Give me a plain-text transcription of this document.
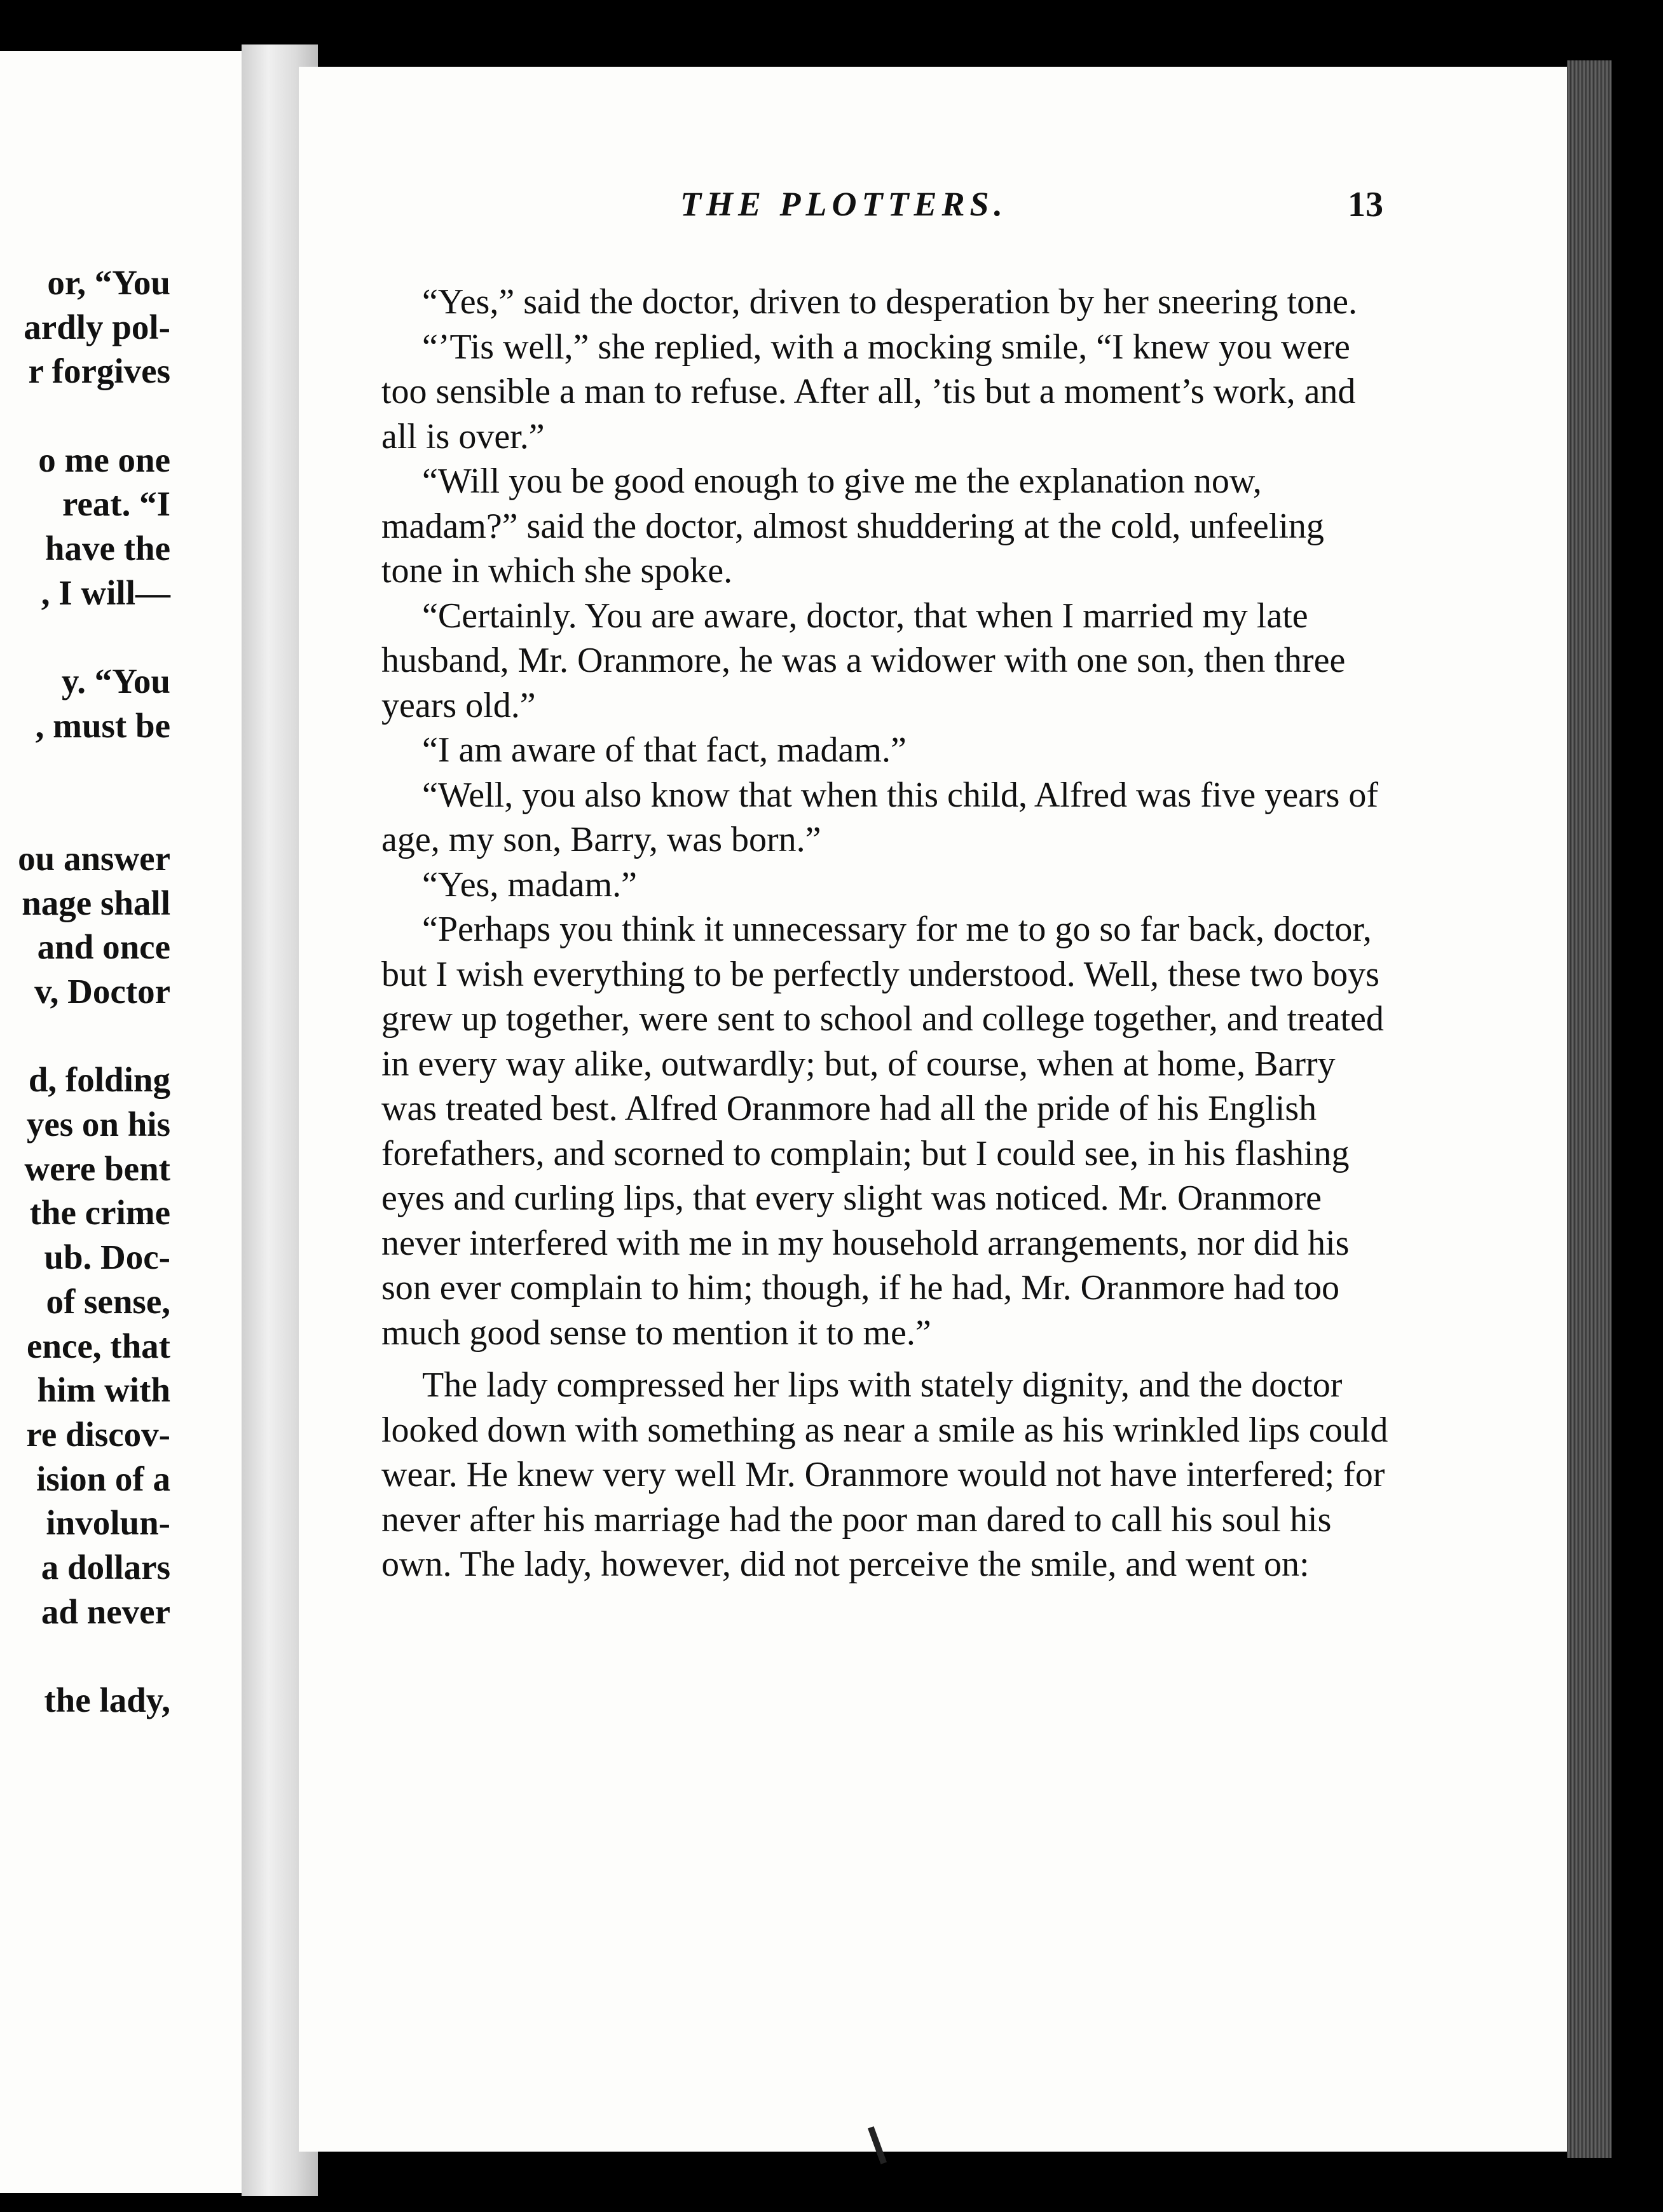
or, “You
ardly pol-
r forgives
o me one
reat. “I
have the
, I will—
y. “You
, must be
ou answer
nage shall
and once
v, Doctor
d, folding
yes on his
were bent
the crime
ub. Doc-
of sense,
ence, that
him with
re discov-
ision of a
involun-
a dollars
ad never
the lady,
THE PLOTTERS.	13

“Yes,” said the doctor, driven to desperation by her sneering tone.

“’Tis well,” she replied, with a mocking smile, “I knew you were too sensible a man to refuse. After all, ’tis but a moment’s work, and all is over.”

“Will you be good enough to give me the explanation now, madam?” said the doctor, almost shuddering at the cold, unfeeling tone in which she spoke.

“Certainly. You are aware, doctor, that when I married my late husband, Mr. Oranmore, he was a widower with one son, then three years old.”

“I am aware of that fact, madam.”

“Well, you also know that when this child, Alfred was five years of age, my son, Barry, was born.”

“Yes, madam.”

“Perhaps you think it unnecessary for me to go so far back, doctor, but I wish everything to be perfectly understood. Well, these two boys grew up together, were sent to school and college together, and treated in every way alike, outwardly; but, of course, when at home, Barry was treated best. Alfred Oranmore had all the pride of his English forefathers, and scorned to complain; but I could see, in his flashing eyes and curling lips, that every slight was noticed. Mr. Oranmore never interfered with me in my household arrangements, nor did his son ever complain to him; though, if he had, Mr. Oranmore had too much good sense to mention it to me.”

The lady compressed her lips with stately dignity, and the doctor looked down with something as near a smile as his wrinkled lips could wear. He knew very well Mr. Oranmore would not have interfered; for never after his marriage had the poor man dared to call his soul his own. The lady, however, did not perceive the smile, and went on:
